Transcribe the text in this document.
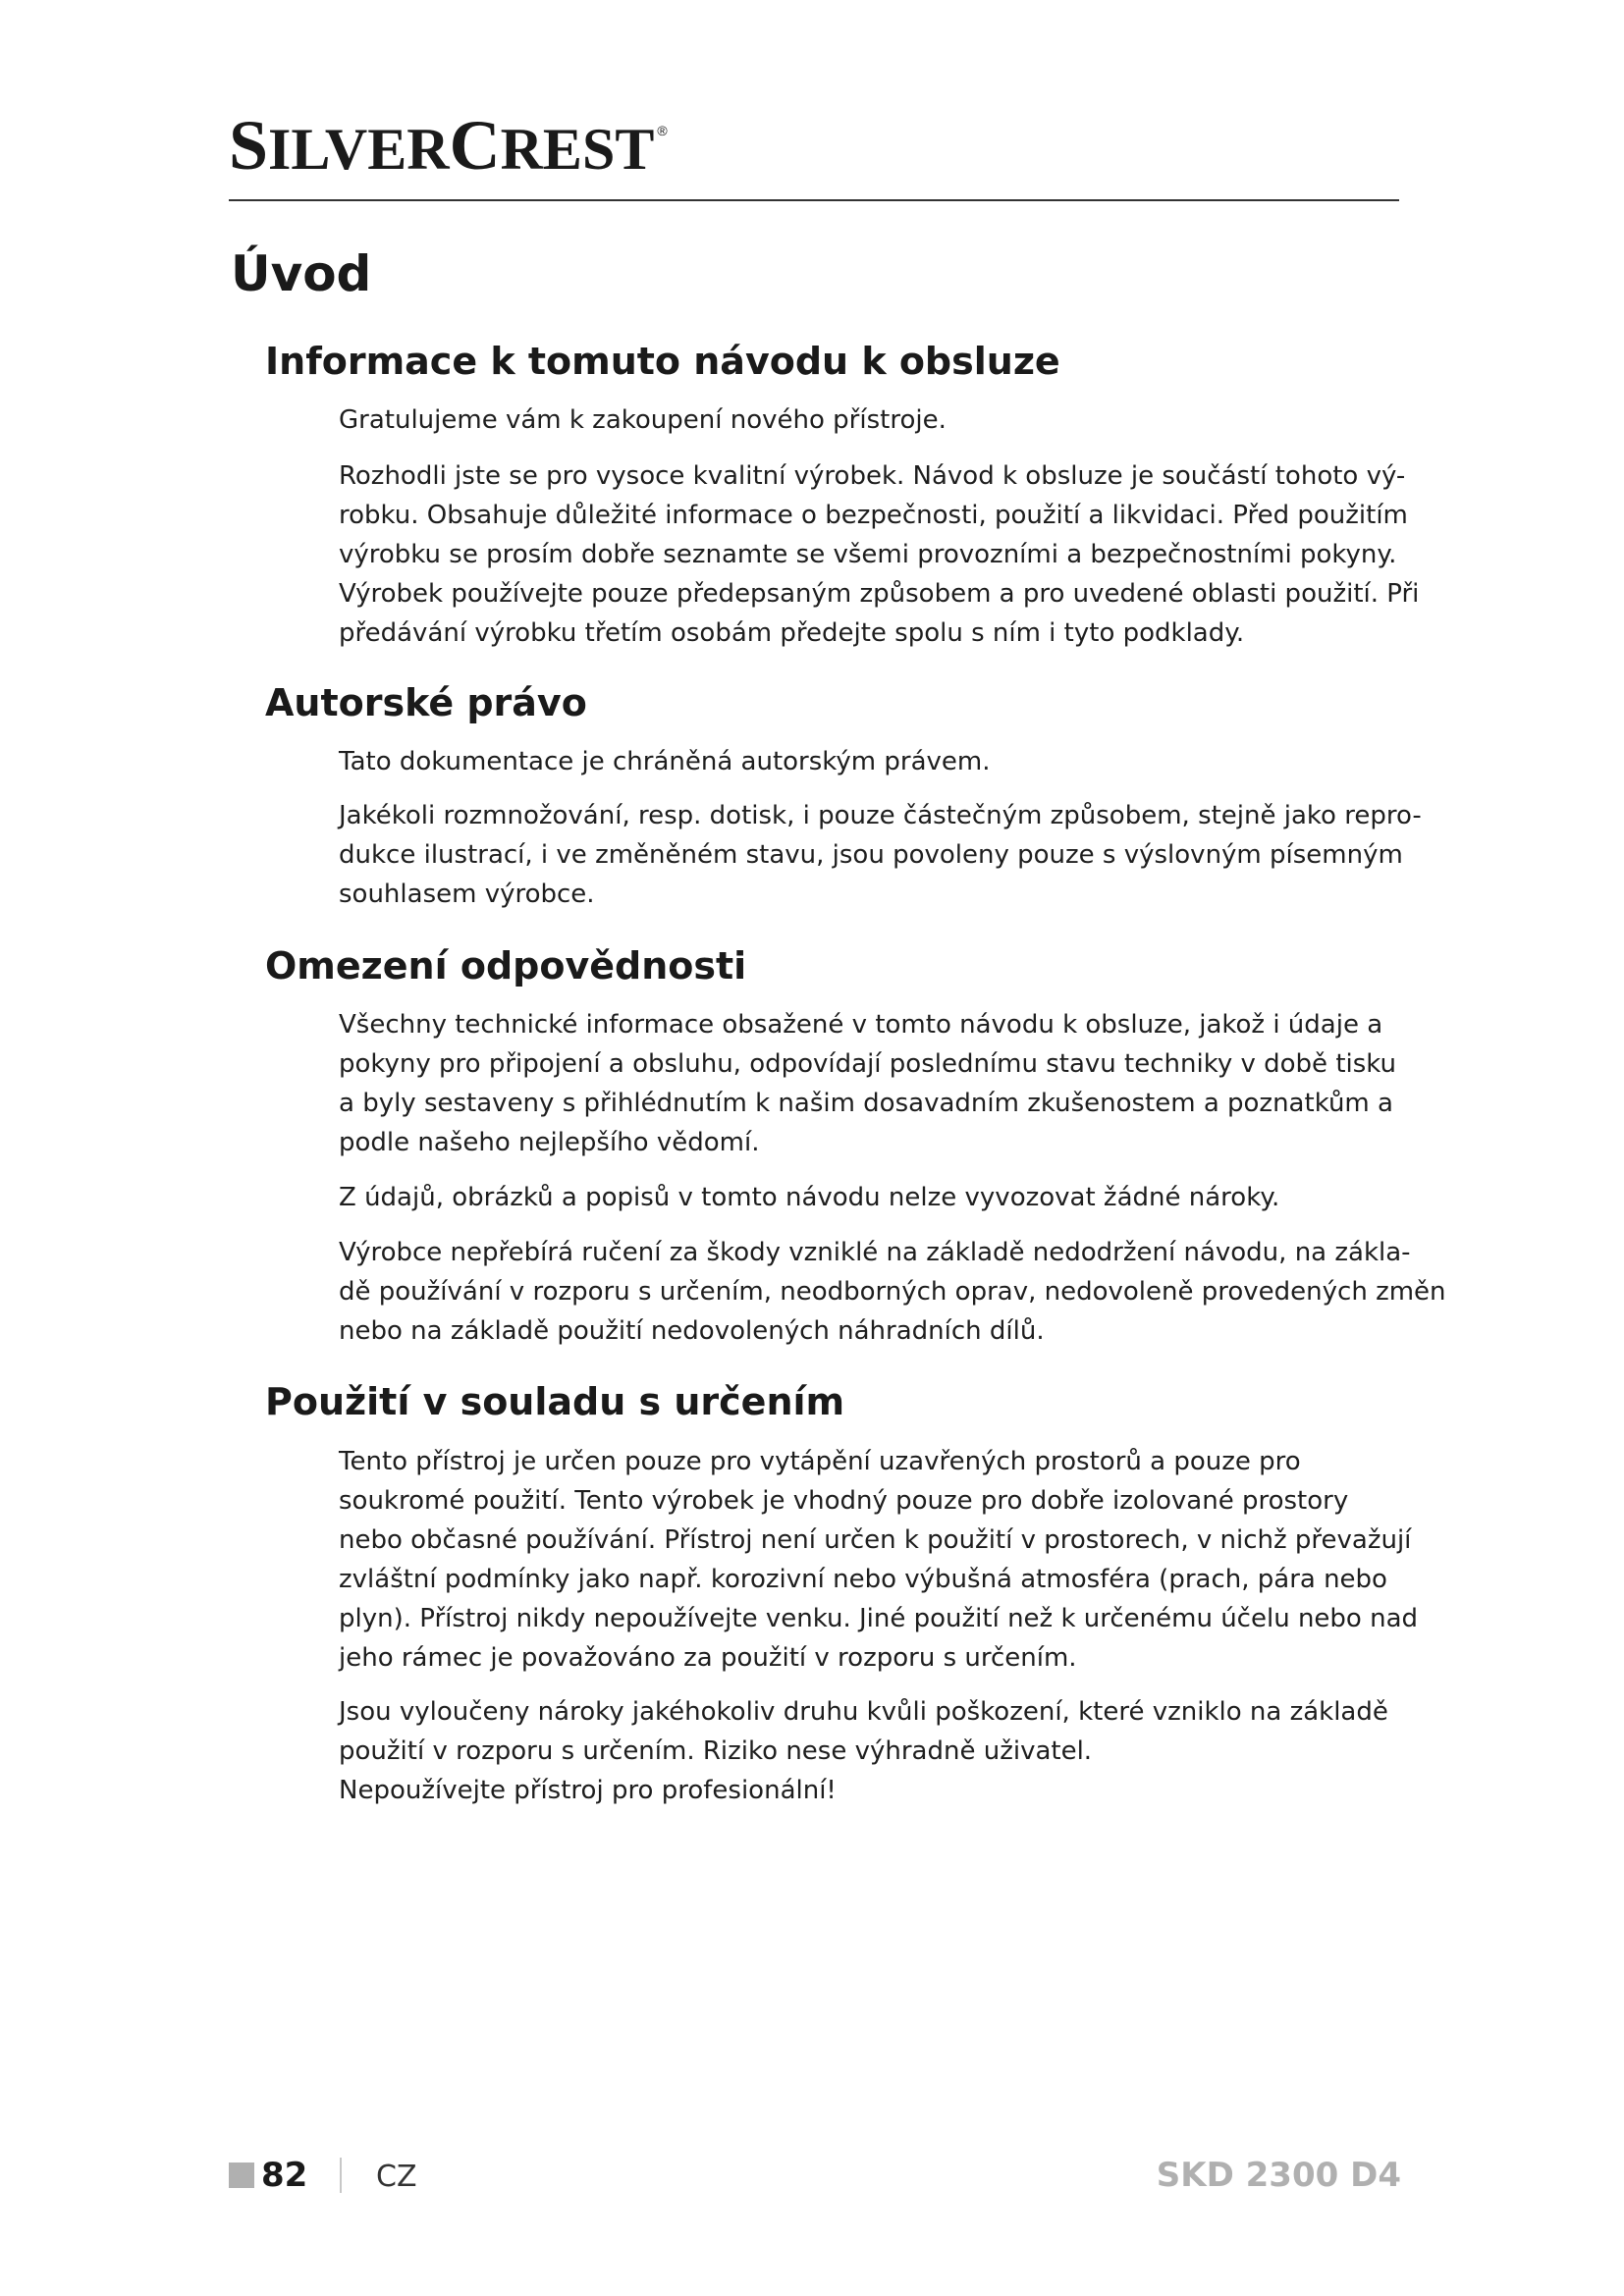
SILVERCREST ®
Úvod
Informace k tomuto návodu k obsluze

Gratulujeme vám k zakoupení nového přístroje.

Rozhodli jste se pro vysoce kvalitní výrobek. Návod k obsluze je součástí tohoto vý-
robku. Obsahuje důležité informace o bezpečnosti, použití a likvidaci. Před použitím
výrobku se prosím dobře seznamte se všemi provozními a bezpečnostními pokyny.
Výrobek používejte pouze předepsaným způsobem a pro uvedené oblasti použití. Při
předávání výrobku třetím osobám předejte spolu s ním i tyto podklady.

Autorské právo

Tato dokumentace je chráněná autorským právem.

Jakékoli rozmnožování, resp. dotisk, i pouze částečným způsobem, stejně jako repro-
dukce ilustrací, i ve změněném stavu, jsou povoleny pouze s výslovným písemným
souhlasem výrobce.

Omezení odpovědnosti

Všechny technické informace obsažené v tomto návodu k obsluze, jakož i údaje a
pokyny pro připojení a obsluhu, odpovídají poslednímu stavu techniky v době tisku
a byly sestaveny s přihlédnutím k našim dosavadním zkušenostem a poznatkům a
podle našeho nejlepšího vědomí.

Z údajů, obrázků a popisů v tomto návodu nelze vyvozovat žádné nároky.

Výrobce nepřebírá ručení za škody vzniklé na základě nedodržení návodu, na zákla-
dě používání v rozporu s určením, neodborných oprav, nedovoleně provedených změn
nebo na základě použití nedovolených náhradních dílů.

Použití v souladu s určením

Tento přístroj je určen pouze pro vytápění uzavřených prostorů a pouze pro
soukromé použití. Tento výrobek je vhodný pouze pro dobře izolované prostory
nebo občasné používání. Přístroj není určen k použití v prostorech, v nichž převažují
zvláštní podmínky jako např. korozivní nebo výbušná atmosféra (prach, pára nebo
plyn). Přístroj nikdy nepoužívejte venku. Jiné použití než k určenému účelu nebo nad
jeho rámec je považováno za použití v rozporu s určením.

Jsou vyloučeny nároky jakéhokoliv druhu kvůli poškození, které vzniklo na základě
použití v rozporu s určením. Riziko nese výhradně uživatel.
Nepoužívejte přístroj pro profesionální!

82 CZ	SKD 2300 D4
